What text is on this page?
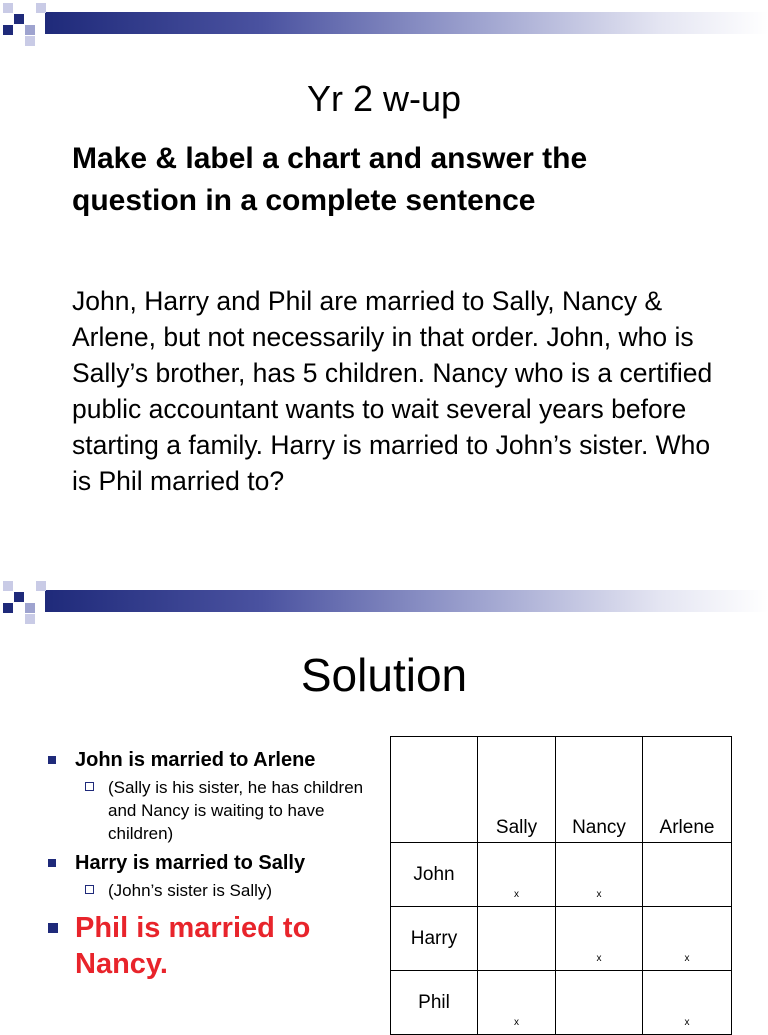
Yr 2 w-up
Make & label a chart and answer the question in a complete sentence
John, Harry and Phil are married to Sally, Nancy & Arlene, but not necessarily in that order. John, who is Sally’s brother, has 5 children. Nancy who is a certified public accountant wants to wait several years before starting a family. Harry is married to John’s sister. Who is Phil married to?
Solution
John is married to Arlene
(Sally is his sister, he has children and Nancy is waiting to have children)
Harry is married to Sally
(John’s sister is Sally)
Phil is married to Nancy.
	Sally	Nancy	Arlene
John	x	x	
Harry		x	x
Phil	x		x
